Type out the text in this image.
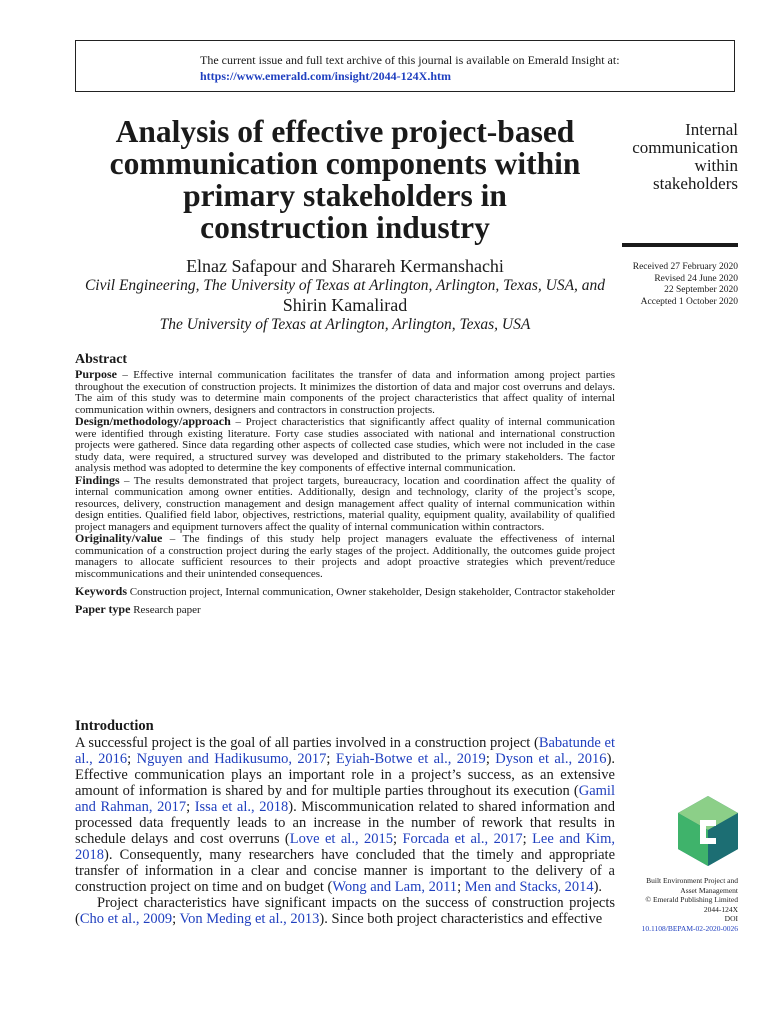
The current issue and full text archive of this journal is available on Emerald Insight at:
https://www.emerald.com/insight/2044-124X.htm
Analysis of effective project-based
communication components within
primary stakeholders in
construction industry
Internal
communication
within
stakeholders
Received 27 February 2020
Revised 24 June 2020
22 September 2020
Accepted 1 October 2020
Elnaz Safapour and Sharareh Kermanshachi
Civil Engineering, The University of Texas at Arlington, Arlington, Texas, USA, and
Shirin Kamalirad
The University of Texas at Arlington, Arlington, Texas, USA
Abstract

Purpose – Effective internal communication facilitates the transfer of data and information among project parties throughout the execution of construction projects. It minimizes the distortion of data and major cost overruns and delays. The aim of this study was to determine main components of the project characteristics that affect quality of internal communication within owners, designers and contractors in construction projects.

Design/methodology/approach – Project characteristics that significantly affect quality of internal communication were identified through existing literature. Forty case studies associated with national and international construction projects were gathered. Since data regarding other aspects of collected case studies, which were not included in the case study data, were required, a structured survey was developed and distributed to the primary stakeholders. The factor analysis method was adopted to determine the key components of effective internal communication.

Findings – The results demonstrated that project targets, bureaucracy, location and coordination affect the quality of internal communication among owner entities. Additionally, design and technology, clarity of the project’s scope, resources, delivery, construction management and design management affect quality of internal communication within design entities. Qualified field labor, objectives, restrictions, material quality, equipment quality, availability of qualified project managers and equipment turnovers affect the quality of internal communication within contractors.

Originality/value – The findings of this study help project managers evaluate the effectiveness of internal communication of a construction project during the early stages of the project. Additionally, the outcomes guide project managers to allocate sufficient resources to their projects and adopt proactive strategies which prevent/reduce miscommunications and their unintended consequences.

Keywords Construction project, Internal communication, Owner stakeholder, Design stakeholder, Contractor stakeholder

Paper type Research paper

Introduction

A successful project is the goal of all parties involved in a construction project (Babatunde et al., 2016; Nguyen and Hadikusumo, 2017; Eyiah-Botwe et al., 2019; Dyson et al., 2016). Effective communication plays an important role in a project’s success, as an extensive amount of information is shared by and for multiple parties throughout its execution (Gamil and Rahman, 2017; Issa et al., 2018). Miscommunication related to shared information and processed data frequently leads to an increase in the number of rework that results in schedule delays and cost overruns (Love et al., 2015; Forcada et al., 2017; Lee and Kim, 2018). Consequently, many researchers have concluded that the timely and appropriate transfer of information in a clear and concise manner is important to the delivery of a construction project on time and on budget (Wong and Lam, 2011; Men and Stacks, 2014).

Project characteristics have significant impacts on the success of construction projects (Cho et al., 2009; Von Meding et al., 2013). Since both project characteristics and effective

Built Environment Project and
Asset Management
© Emerald Publishing Limited
2044-124X
DOI
10.1108/BEPAM-02-2020-0026
